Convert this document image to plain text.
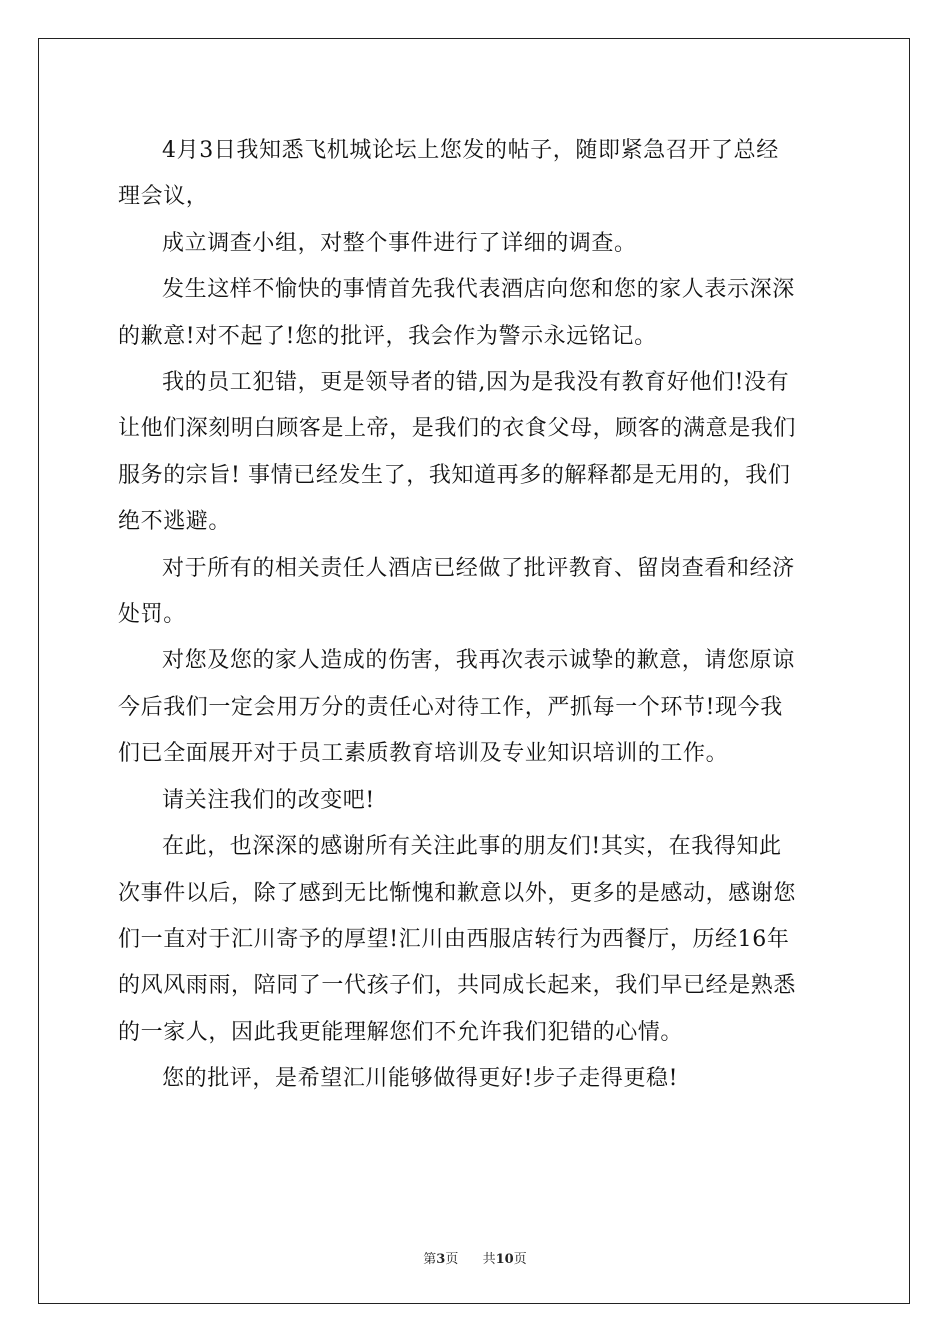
4月3日我知悉飞机城论坛上您发的帖子，随即紧急召开了总经
理会议，

成立调查小组，对整个事件进行了详细的调查。

发生这样不愉快的事情首先我代表酒店向您和您的家人表示深深
的歉意!对不起了!您的批评，我会作为警示永远铭记。

我的员工犯错，更是领导者的错,因为是我没有教育好他们!没有
让他们深刻明白顾客是上帝，是我们的衣食父母，顾客的满意是我们
服务的宗旨! 事情已经发生了，我知道再多的解释都是无用的，我们
绝不逃避。

对于所有的相关责任人酒店已经做了批评教育、留岗查看和经济
处罚。

对您及您的家人造成的伤害，我再次表示诚挚的歉意，请您原谅
今后我们一定会用万分的责任心对待工作，严抓每一个环节!现今我
们已全面展开对于员工素质教育培训及专业知识培训的工作。

请关注我们的改变吧!

在此，也深深的感谢所有关注此事的朋友们!其实，在我得知此
次事件以后，除了感到无比惭愧和歉意以外，更多的是感动，感谢您
们一直对于汇川寄予的厚望!汇川由西服店转行为西餐厅，历经16年
的风风雨雨，陪同了一代孩子们，共同成长起来，我们早已经是熟悉
的一家人，因此我更能理解您们不允许我们犯错的心情。

您的批评，是希望汇川能够做得更好!步子走得更稳!

第3页 共10页
